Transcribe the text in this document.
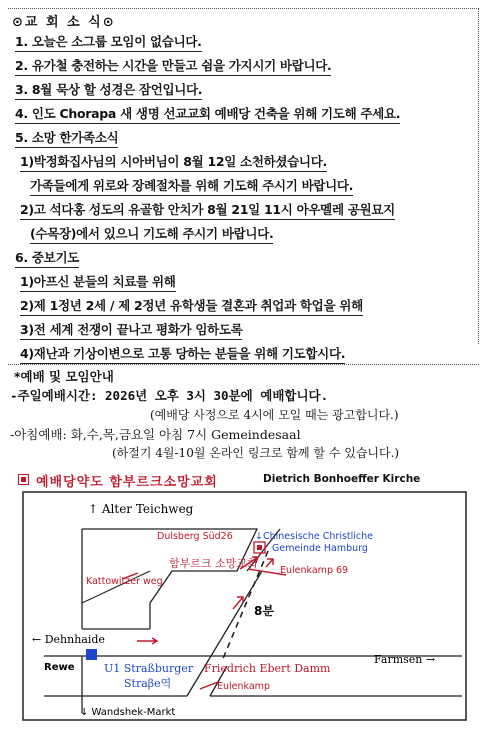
⊙교 회 소 식⊙
1. 오늘은 소그룹 모임이 없습니다.
2. 유가철 충전하는 시간을 만들고 쉼을 가지시기 바랍니다.
3. 8월 묵상 할 성경은 잠언입니다.
4. 인도 Chorapa 새 생명 선교교회 예배당 건축을 위해 기도해 주세요.
5. 소망 한가족소식
1)박정화집사님의 시아버님이 8월 12일 소천하셨습니다.
가족들에게 위로와 장례절차를 위해 기도해 주시기 바랍니다.
2)고 석다홍 성도의 유골함 안치가 8월 21일 11시 아우멜레 공원묘지
(수목장)에서 있으니 기도해 주시기 바랍니다.
6. 중보기도
1)아프신 분들의 치료를 위해
2)제 1정년 2세 / 제 2정년 유학생들 결혼과 취업과 학업을 위해
3)전 세계 전쟁이 끝나고 평화가 임하도록
4)재난과 기상이변으로 고통 당하는 분들을 위해 기도합시다.
*예배 및 모임안내
-주일예배시간: 2026년 오후 3시 30분에 예배합니다.
(예배당 사정으로 4시에 모일 때는 광고합니다.)
-아침예배: 화,수,목,금요일 아침 7시 Gemeindesaal
(하절기 4월-10월 온라인 링크로 함께 할 수 있습니다.)
예배당약도 함부르크소망교회	Dietrich Bonhoeffer Kirche
↑ Alter Teichweg
Dulsberg Süd26 ↓Chinesische Christliche
Gemeinde Hamburg
함부르크 소망교회
Eulenkamp 69
Kattowitzer weg
8분
← Dehnhaide
Rewe	U1 Straßburger
Straβe역
Friedrich Ebert Damm
Farmsen →
Eulenkamp
↓ Wandshek-Markt
